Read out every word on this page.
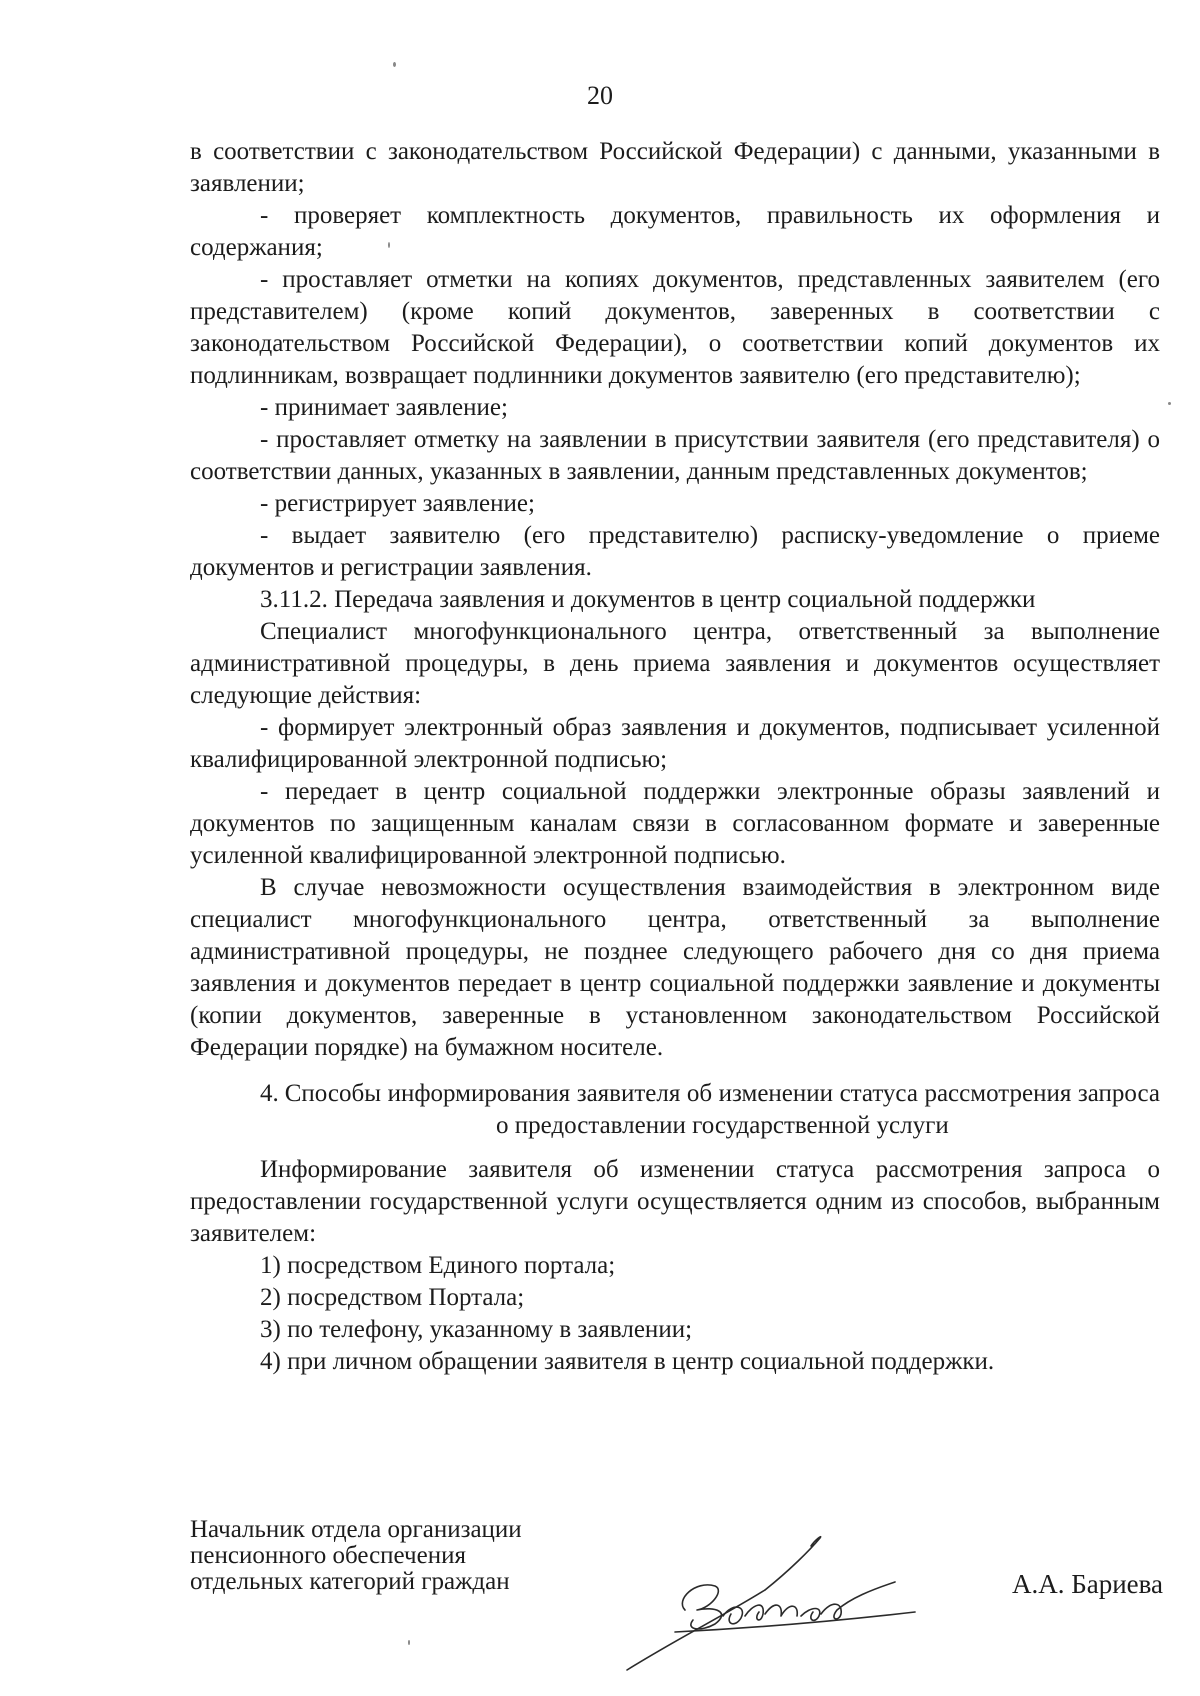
20

в соответствии с законодательством Российской Федерации) с данными, указанными в заявлении;

- проверяет комплектность документов, правильность их оформления и содержания;

- проставляет отметки на копиях документов, представленных заявителем (его представителем) (кроме копий документов, заверенных в соответствии с законодательством Российской Федерации), о соответствии копий документов их подлинникам, возвращает подлинники документов заявителю (его представителю);

- принимает заявление;

- проставляет отметку на заявлении в присутствии заявителя (его представителя) о соответствии данных, указанных в заявлении, данным представленных документов;

- регистрирует заявление;

- выдает заявителю (его представителю) расписку-уведомление о приеме документов и регистрации заявления.

3.11.2. Передача заявления и документов в центр социальной поддержки

Специалист многофункционального центра, ответственный за выполнение административной процедуры, в день приема заявления и документов осуществляет следующие действия:

- формирует электронный образ заявления и документов, подписывает усиленной квалифицированной электронной подписью;

- передает в центр социальной поддержки электронные образы заявлений и документов по защищенным каналам связи в согласованном формате и заверенные усиленной квалифицированной электронной подписью.

В случае невозможности осуществления взаимодействия в электронном виде специалист многофункционального центра, ответственный за выполнение административной процедуры, не позднее следующего рабочего дня со дня приема заявления и документов передает в центр социальной поддержки заявление и документы (копии документов, заверенные в установленном законодательством Российской Федерации порядке) на бумажном носителе.

4. Способы информирования заявителя об изменении статуса рассмотрения запроса о предоставлении государственной услуги

Информирование заявителя об изменении статуса рассмотрения запроса о предоставлении государственной услуги осуществляется одним из способов, выбранным заявителем:

1) посредством Единого портала;

2) посредством Портала;

3) по телефону, указанному в заявлении;

4) при личном обращении заявителя в центр социальной поддержки.

Начальник отдела организации

пенсионного обеспечения

отдельных категорий граждан	А.А. Бариева
